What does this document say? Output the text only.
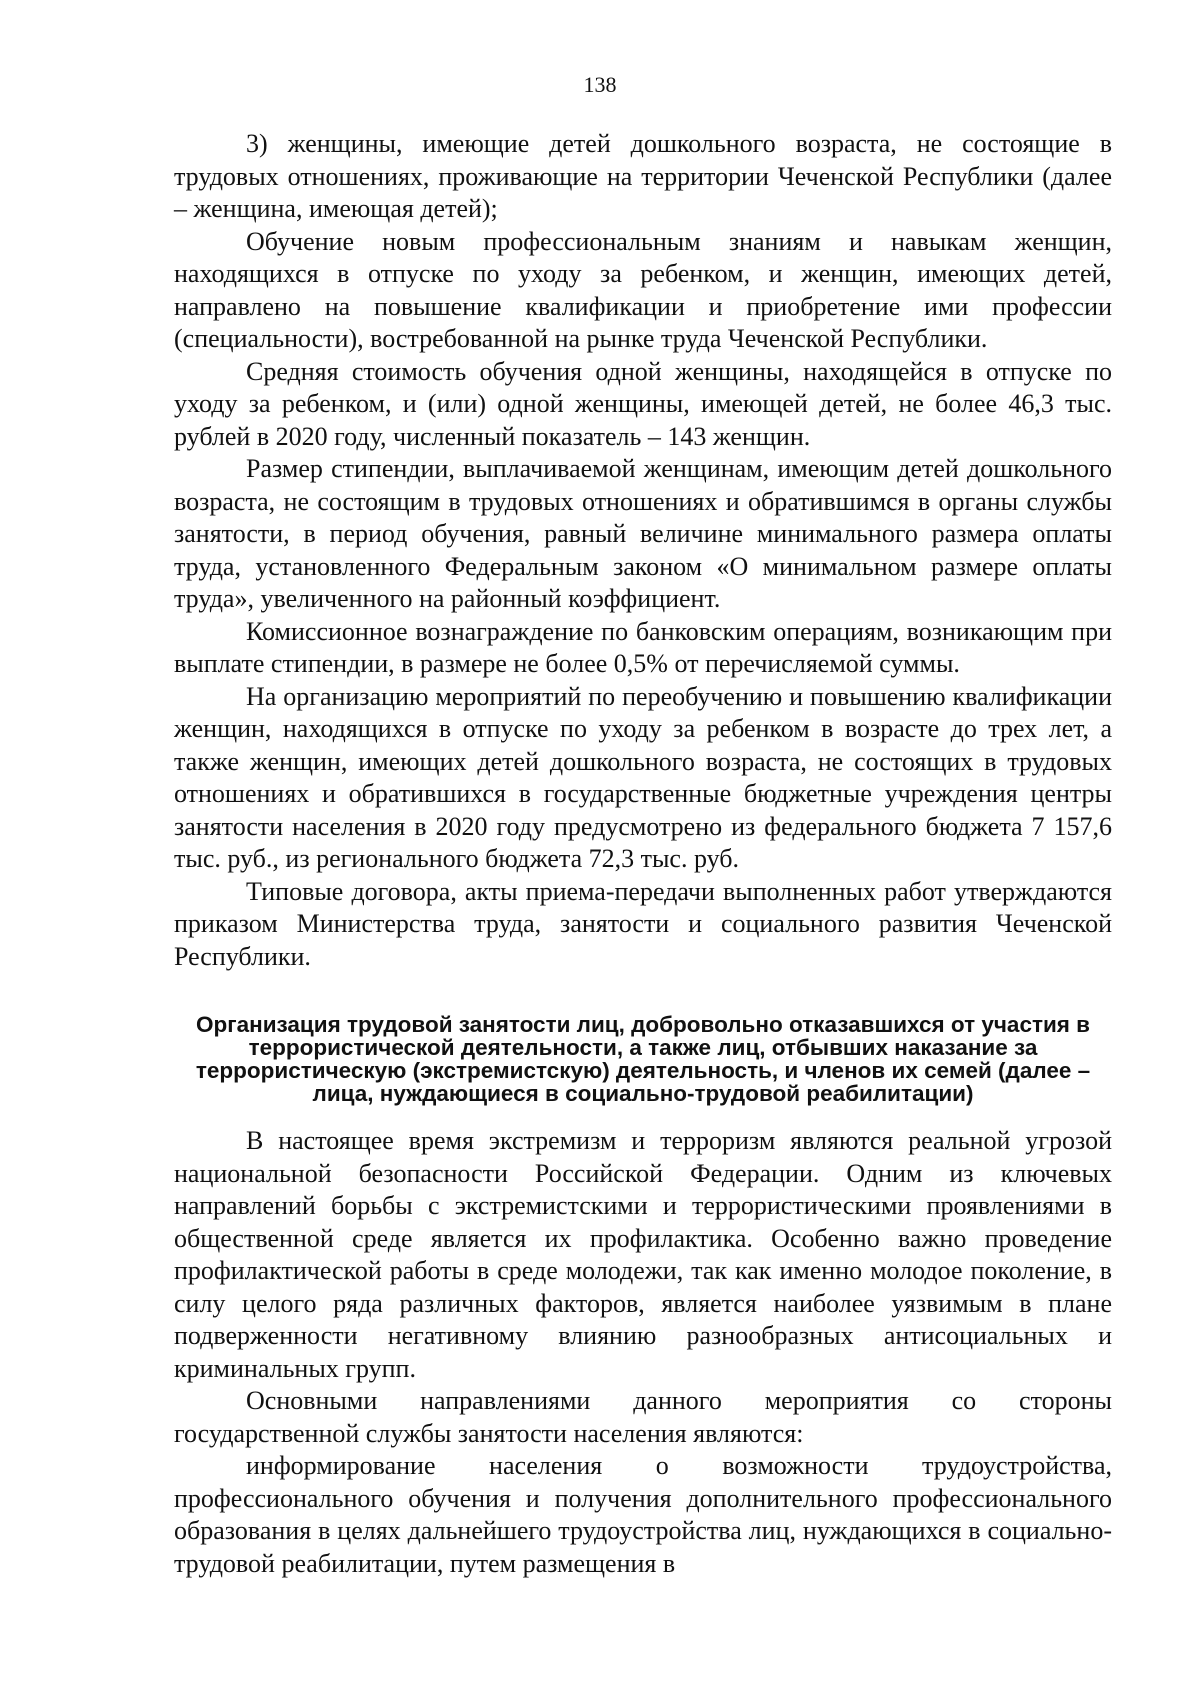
138

3) женщины, имеющие детей дошкольного возраста, не состоящие в трудовых отношениях, проживающие на территории Чеченской Республики (далее – женщина, имеющая детей);

Обучение новым профессиональным знаниям и навыкам женщин, находящихся в отпуске по уходу за ребенком, и женщин, имеющих детей, направлено на повышение квалификации и приобретение ими профессии (специальности), востребованной на рынке труда Чеченской Республики.

Средняя стоимость обучения одной женщины, находящейся в отпуске по уходу за ребенком, и (или) одной женщины, имеющей детей, не более 46,3 тыс. рублей в 2020 году, численный показатель – 143 женщин.

Размер стипендии, выплачиваемой женщинам, имеющим детей дошкольного возраста, не состоящим в трудовых отношениях и обратившимся в органы службы занятости, в период обучения, равный величине минимального размера оплаты труда, установленного Федеральным законом «О минимальном размере оплаты труда», увеличенного на районный коэффициент.

Комиссионное вознаграждение по банковским операциям, возникающим при выплате стипендии, в размере не более 0,5% от перечисляемой суммы.

На организацию мероприятий по переобучению и повышению квалификации женщин, находящихся в отпуске по уходу за ребенком в возрасте до трех лет, а также женщин, имеющих детей дошкольного возраста, не состоящих в трудовых отношениях и обратившихся в государственные бюджетные учреждения центры занятости населения в 2020 году предусмотрено из федерального бюджета 7 157,6 тыс. руб., из регионального бюджета 72,3 тыс. руб.

Типовые договора, акты приема-передачи выполненных работ утверждаются приказом Министерства труда, занятости и социального развития Чеченской Республики.

Организация трудовой занятости лиц, добровольно отказавшихся от участия в террористической деятельности, а также лиц, отбывших наказание за террористическую (экстремистскую) деятельность, и членов их семей (далее – лица, нуждающиеся в социально-трудовой реабилитации)

В настоящее время экстремизм и терроризм являются реальной угрозой национальной безопасности Российской Федерации. Одним из ключевых направлений борьбы с экстремистскими и террористическими проявлениями в общественной среде является их профилактика. Особенно важно проведение профилактической работы в среде молодежи, так как именно молодое поколение, в силу целого ряда различных факторов, является наиболее уязвимым в плане подверженности негативному влиянию разнообразных антисоциальных и криминальных групп.

Основными направлениями данного мероприятия со стороны государственной службы занятости населения являются:

информирование населения о возможности трудоустройства, профессионального обучения и получения дополнительного профессионального образования в целях дальнейшего трудоустройства лиц, нуждающихся в социально-трудовой реабилитации, путем размещения в
